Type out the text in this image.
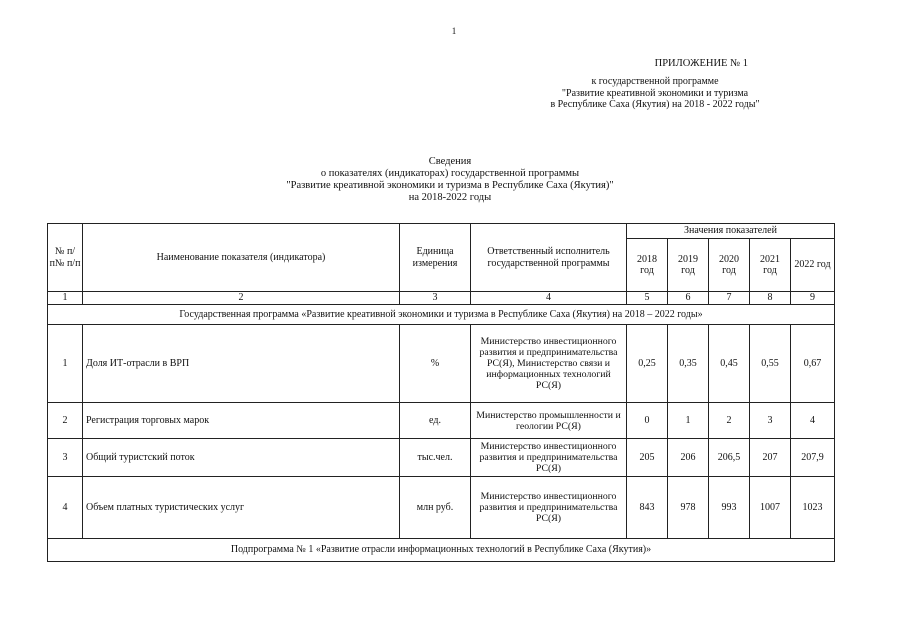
1
ПРИЛОЖЕНИЕ № 1
к государственной программе
"Развитие креативной экономики и туризма
в Республике Саха (Якутия) на 2018 - 2022 годы"
Сведения
о показателях (индикаторах) государственной программы
"Развитие креативной экономики и туризма в Республике Саха (Якутия)"
на 2018-2022 годы
№ п/п№ п/п	Наименование показателя (индикатора)	Единица измерения	Ответственный исполнитель государственной программы	Значения показателей				
				2018 год	2019 год	2020 год	2021 год	2022 год
1	2	3	4	5	6	7	8	9
Государственная программа «Развитие креативной экономики и туризма в Республике Саха (Якутия) на 2018 – 2022 годы»								
1	Доля ИТ-отрасли в ВРП	%	Министерство инвестиционного развития и предпринимательства РС(Я), Министерство связи и информационных технологий РС(Я)	0,25	0,35	0,45	0,55	0,67
2	Регистрация торговых марок	ед.	Министерство промышленности и геологии РС(Я)	0	1	2	3	4
3	Общий туристский поток	тыс.чел.	Министерство инвестиционного развития и предпринимательства РС(Я)	205	206	206,5	207	207,9
4	Объем платных туристических услуг	млн руб.	Министерство инвестиционного развития и предпринимательства РС(Я)	843	978	993	1007	1023
Подпрограмма № 1 «Развитие отрасли информационных технологий в Республике Саха (Якутия)»								
